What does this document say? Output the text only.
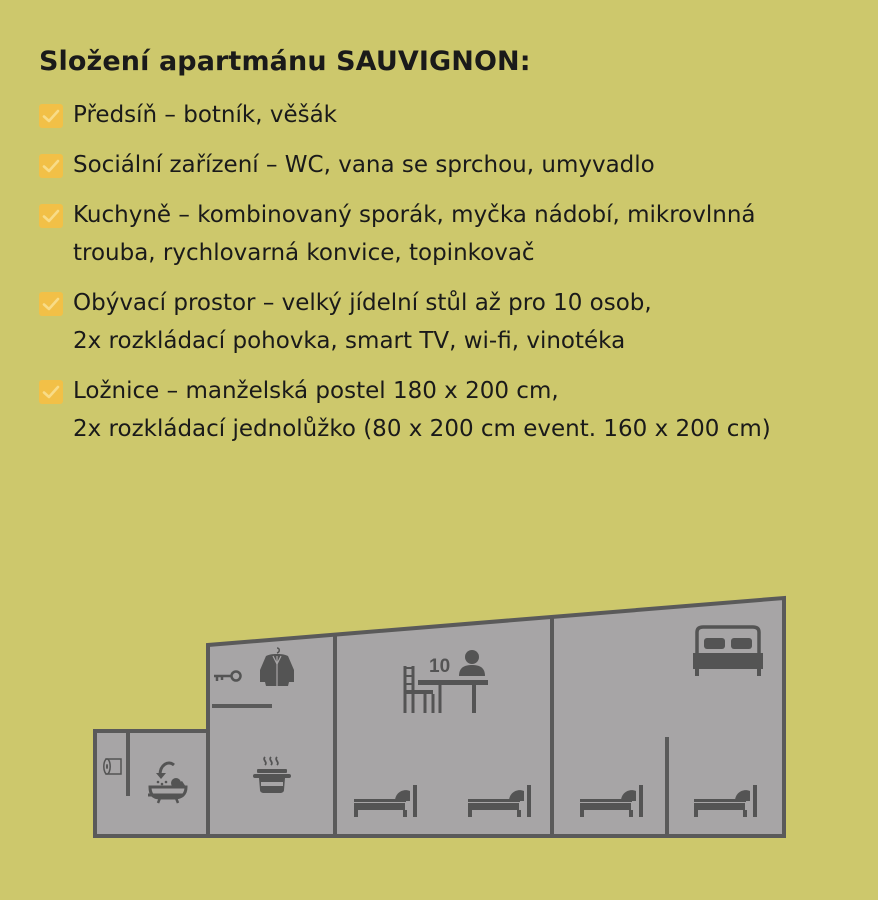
Složení apartmánu SAUVIGNON:
Předsíň – botník, věšák
Sociální zařízení – WC, vana se sprchou, umyvadlo
Kuchyně – kombinovaný sporák, myčka nádobí, mikrovlnná
trouba, rychlovarná konvice, topinkovač
Obývací prostor – velký jídelní stůl až pro 10 osob,
2x rozkládací pohovka, smart TV, wi-fi, vinotéka
Ložnice – manželská postel 180 x 200 cm,
2x rozkládací jednolůžko (80 x 200 cm event. 160 x 200 cm)
10
